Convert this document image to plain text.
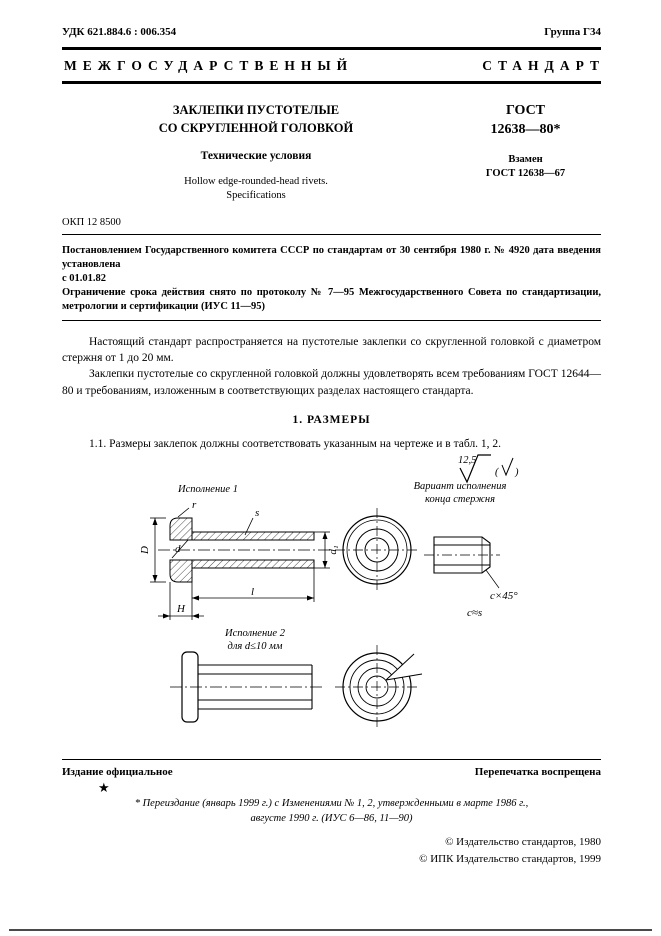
УДК 621.884.6 : 006.354	Группа Г34
МЕЖГОСУДАРСТВЕННЫЙ	СТАНДАРТ
ЗАКЛЕПКИ ПУСТОТЕЛЫЕ
СО СКРУГЛЕННОЙ ГОЛОВКОЙ
Технические условия
Hollow edge-rounded-head rivets.
Specifications
ГОСТ
12638—80*
Взамен
ГОСТ 12638—67
ОКП 12 8500

Постановлением Государственного комитета СССР по стандартам от 30 сентября 1980 г. № 4920 дата введения установлена

с 01.01.82

Ограничение срока действия снято по протоколу № 7—95 Межгосударственного Совета по стандартизации, метрологии и сертификации (ИУС 11—95)

Настоящий стандарт распространяется на пустотелые заклепки со скругленной головкой с диаметром стержня от 1 до 20 мм.

Заклепки пустотелые со скругленной головкой должны удовлетворять всем требованиям ГОСТ 12644—80 и требованиям, изложенным в соответствующих разделах настоящего стандарта.

1. РАЗМЕРЫ

1.1. Размеры заклепок должны соответствовать указанным на чертеже и в табл. 1, 2.

12,5
( )
Исполнение 1	Вариант исполнения
конца стержня
D
r
s
d	d₁
l
H
с×45°
с≈s
Исполнение 2
для d≤10 мм
Издание официальное	Перепечатка воспрещена
★
* Переиздание (январь 1999 г.) с Изменениями № 1, 2, утвержденными в марте 1986 г.,
августе 1990 г. (ИУС 6—86, 11—90)
© Издательство стандартов, 1980
© ИПК Издательство стандартов, 1999
